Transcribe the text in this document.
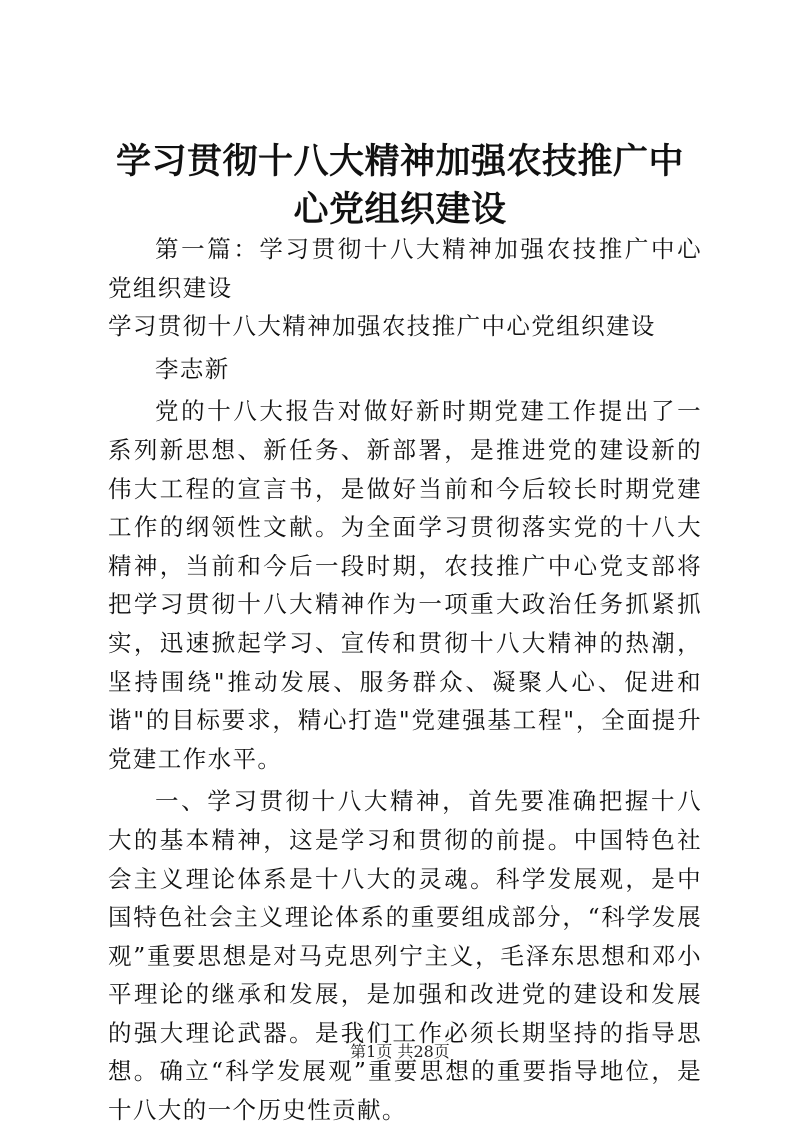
学习贯彻十八大精神加强农技推广中心党组织建设

第一篇：学习贯彻十八大精神加强农技推广中心党组织建设

学习贯彻十八大精神加强农技推广中心党组织建设

李志新

党的十八大报告对做好新时期党建工作提出了一系列新思想、新任务、新部署，是推进党的建设新的伟大工程的宣言书，是做好当前和今后较长时期党建工作的纲领性文献。为全面学习贯彻落实党的十八大精神，当前和今后一段时期，农技推广中心党支部将把学习贯彻十八大精神作为一项重大政治任务抓紧抓实，迅速掀起学习、宣传和贯彻十八大精神的热潮，坚持围绕"推动发展、服务群众、凝聚人心、促进和谐"的目标要求，精心打造"党建强基工程"，全面提升党建工作水平。

一、学习贯彻十八大精神，首先要准确把握十八大的基本精神，这是学习和贯彻的前提。中国特色社会主义理论体系是十八大的灵魂。科学发展观，是中国特色社会主义理论体系的重要组成部分，“科学发展观”重要思想是对马克思列宁主义，毛泽东思想和邓小平理论的继承和发展，是加强和改进党的建设和发展的强大理论武器。是我们工作必须长期坚持的指导思想。确立“科学发展观”重要思想的重要指导地位，是十八大的一个历史性贡献。

第1页 共28页
